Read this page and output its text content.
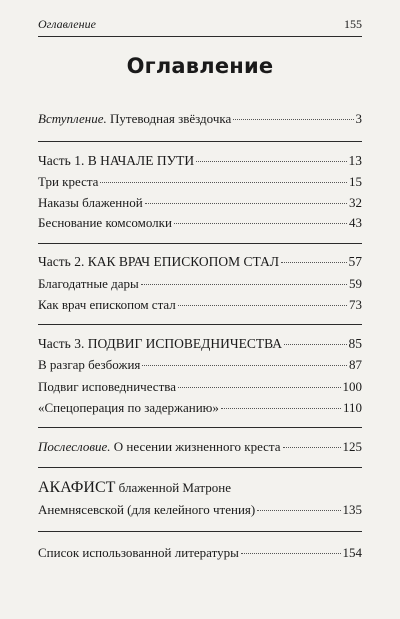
Оглавление	155
Оглавление
Вступление. Путеводная звёздочка	3
Часть 1. В НАЧАЛЕ ПУТИ	13
Три креста	15
Наказы блаженной	32
Беснование комсомолки	43
Часть 2. КАК ВРАЧ ЕПИСКОПОМ СТАЛ	57
Благодатные дары	59
Как врач епископом стал	73
Часть 3. ПОДВИГ ИСПОВЕДНИЧЕСТВА	85
В разгар безбожия	87
Подвиг исповедничества	100
«Спецоперация по задержанию»	110
Послесловие. О несении жизненного креста	125
АКАФИСТ блаженной Матроне
Анемнясевской (для келейного чтения)	135
Список использованной литературы	154
